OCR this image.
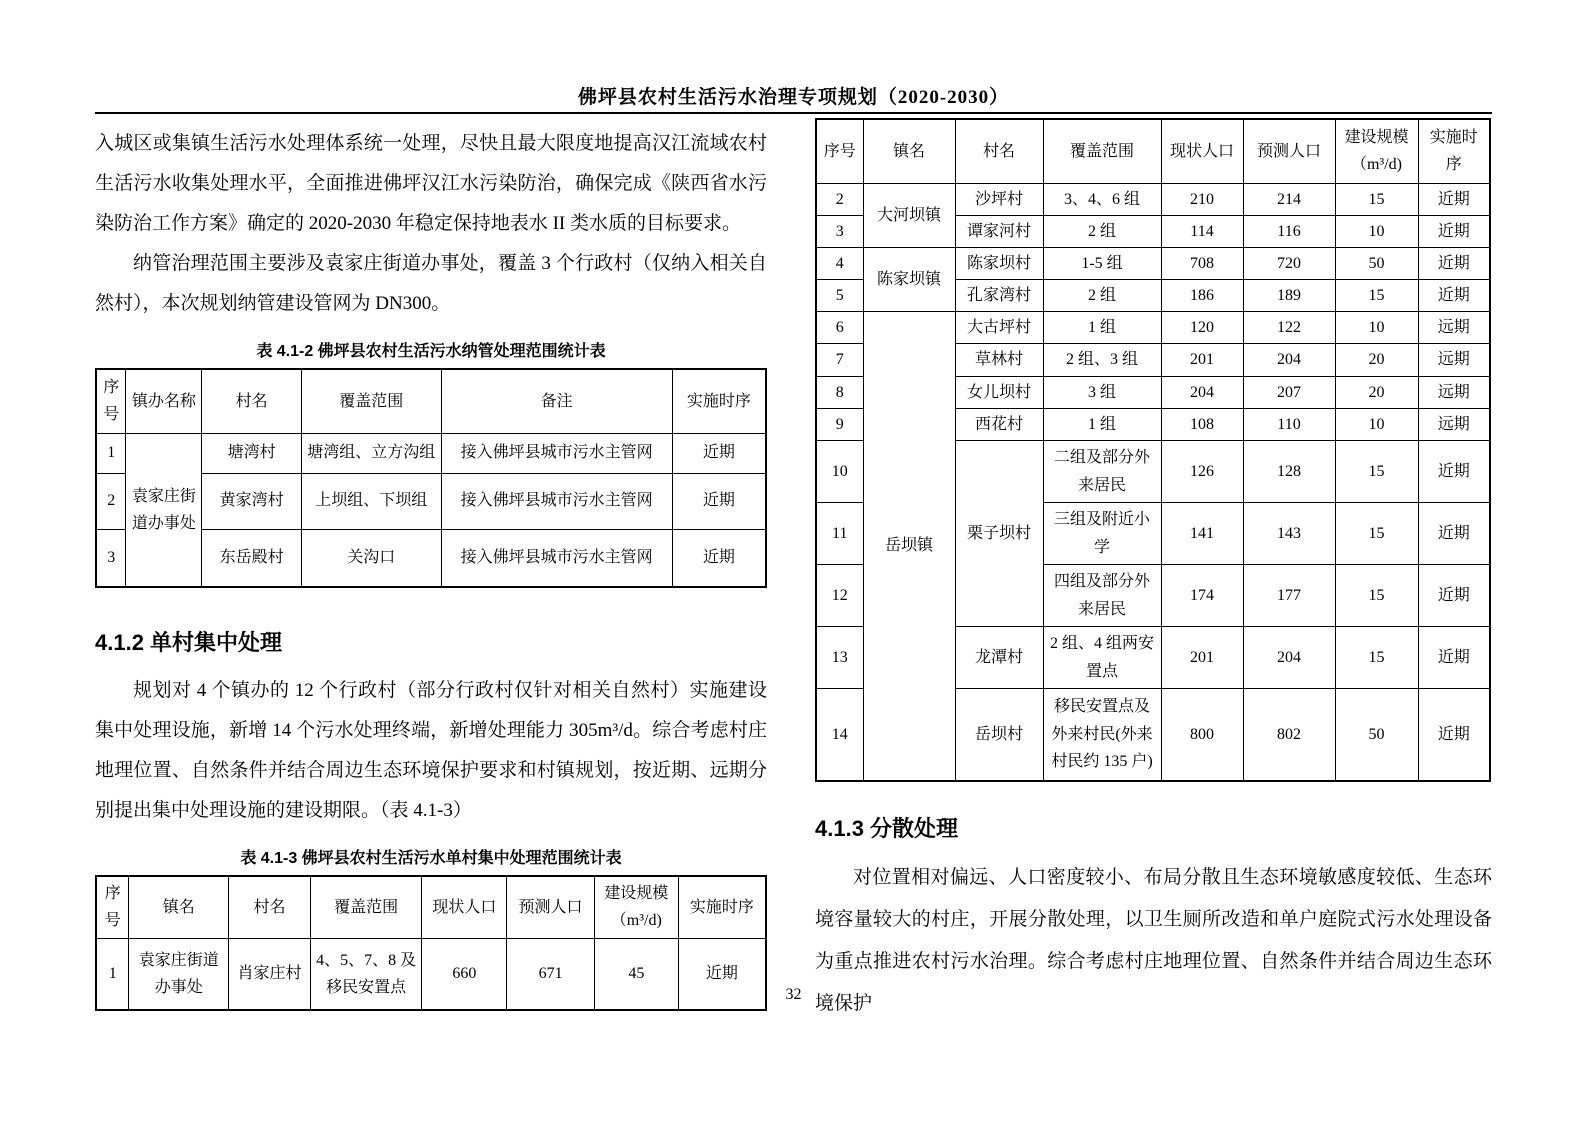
佛坪县农村生活污水治理专项规划（2020-2030）

入城区或集镇生活污水处理体系统一处理，尽快且最大限度地提高汉江流域农村生活污水收集处理水平，全面推进佛坪汉江水污染防治，确保完成《陕西省水污染防治工作方案》确定的 2020-2030 年稳定保持地表水 II 类水质的目标要求。

纳管治理范围主要涉及袁家庄街道办事处，覆盖 3 个行政村（仅纳入相关自然村），本次规划纳管建设管网为 DN300。

表 4.1-2 佛坪县农村生活污水纳管处理范围统计表
序号	镇办名称	村名	覆盖范围	备注	实施时序
1	袁家庄街道办事处	塘湾村	塘湾组、立方沟组	接入佛坪县城市污水主管网	近期
2		黄家湾村	上坝组、下坝组	接入佛坪县城市污水主管网	近期
3		东岳殿村	关沟口	接入佛坪县城市污水主管网	近期
4.1.2 单村集中处理

规划对 4 个镇办的 12 个行政村（部分行政村仅针对相关自然村）实施建设集中处理设施，新增 14 个污水处理终端，新增处理能力 305m³/d。综合考虑村庄地理位置、自然条件并结合周边生态环境保护要求和村镇规划，按近期、远期分别提出集中处理设施的建设期限。（表 4.1-3）

表 4.1-3 佛坪县农村生活污水单村集中处理范围统计表
序号	镇名	村名	覆盖范围	现状人口	预测人口	建设规模（m³/d)	实施时序
1	袁家庄街道办事处	肖家庄村	4、5、7、8 及移民安置点	660	671	45	近期
序号	镇名	村名	覆盖范围	现状人口	预测人口	建设规模（m³/d)	实施时序
2	大河坝镇	沙坪村	3、4、6 组	210	214	15	近期
3		谭家河村	2 组	114	116	10	近期
4	陈家坝镇	陈家坝村	1-5 组	708	720	50	近期
5		孔家湾村	2 组	186	189	15	近期
6	岳坝镇	大古坪村	1 组	120	122	10	远期
7		草林村	2 组、3 组	201	204	20	远期
8		女儿坝村	3 组	204	207	20	远期
9		西花村	1 组	108	110	10	远期
10		栗子坝村	二组及部分外来居民	126	128	15	近期
11			三组及附近小学	141	143	15	近期
12			四组及部分外来居民	174	177	15	近期
13		龙潭村	2 组、4 组两安置点	201	204	15	近期
14		岳坝村	移民安置点及外来村民(外来村民约 135 户)	800	802	50	近期
4.1.3 分散处理

对位置相对偏远、人口密度较小、布局分散且生态环境敏感度较低、生态环境容量较大的村庄，开展分散处理，以卫生厕所改造和单户庭院式污水处理设备为重点推进农村污水治理。综合考虑村庄地理位置、自然条件并结合周边生态环境保护

32
